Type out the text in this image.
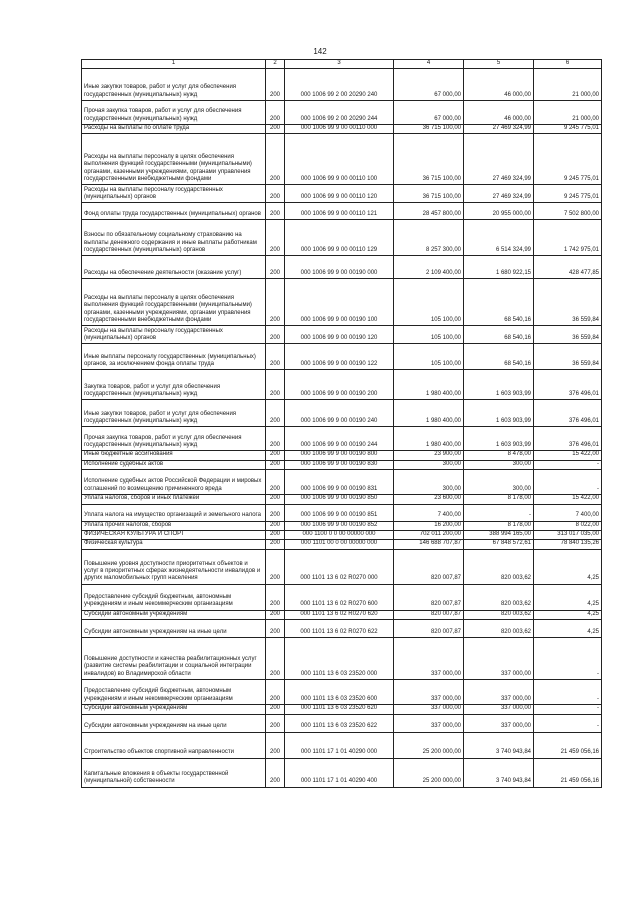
142
1	2	3	4	5	6
Иные закупки товаров, работ и услуг для обеспечения государственных (муниципальных) нужд	200	000 1006 99 2 00 20290 240	67 000,00	46 000,00	21 000,00
Прочая закупка товаров, работ и услуг для обеспечения государственных (муниципальных) нужд	200	000 1006 99 2 00 20290 244	67 000,00	46 000,00	21 000,00
Расходы на выплаты по оплате труда	200	000 1006 99 9 00 00110 000	36 715 100,00	27 469 324,99	9 245 775,01
Расходы на выплаты персоналу в целях обеспечения выполнения функций государственными (муниципальными) органами, казенными учреждениями, органами управления государственными внебюджетными фондами	200	000 1006 99 9 00 00110 100	36 715 100,00	27 469 324,99	9 245 775,01
Расходы на выплаты персоналу государственных (муниципальных) органов	200	000 1006 99 9 00 00110 120	36 715 100,00	27 469 324,99	9 245 775,01
Фонд оплаты труда государственных (муниципальных) органов	200	000 1006 99 9 00 00110 121	28 457 800,00	20 955 000,00	7 502 800,00
Взносы по обязательному социальному страхованию на выплаты денежного содержания и иные выплаты работникам государственных (муниципальных) органов	200	000 1006 99 9 00 00110 129	8 257 300,00	6 514 324,99	1 742 975,01
Расходы на обеспечение деятельности (оказание услуг)	200	000 1006 99 9 00 00190 000	2 109 400,00	1 680 922,15	428 477,85
Расходы на выплаты персоналу в целях обеспечения выполнения функций государственными (муниципальными) органами, казенными учреждениями, органами управления государственными внебюджетными фондами	200	000 1006 99 9 00 00190 100	105 100,00	68 540,16	36 559,84
Расходы на выплаты персоналу государственных (муниципальных) органов	200	000 1006 99 9 00 00190 120	105 100,00	68 540,16	36 559,84
Иные выплаты персоналу государственных (муниципальных) органов, за исключением фонда оплаты труда	200	000 1006 99 9 00 00190 122	105 100,00	68 540,16	36 559,84
Закупка товаров, работ и услуг для обеспечения государственных (муниципальных) нужд	200	000 1006 99 9 00 00190 200	1 980 400,00	1 603 903,99	376 496,01
Иные закупки товаров, работ и услуг для обеспечения государственных (муниципальных) нужд	200	000 1006 99 9 00 00190 240	1 980 400,00	1 603 903,99	376 496,01
Прочая закупка товаров, работ и услуг для обеспечения государственных (муниципальных) нужд	200	000 1006 99 9 00 00190 244	1 980 400,00	1 603 903,99	376 496,01
Иные бюджетные ассигнования	200	000 1006 99 9 00 00190 800	23 900,00	8 478,00	15 422,00
Исполнение судебных актов	200	000 1006 99 9 00 00190 830	300,00	300,00	-
Исполнение судебных актов Российской Федерации и мировых соглашений по возмещению причиненного вреда	200	000 1006 99 9 00 00190 831	300,00	300,00	-
Уплата налогов, сборов и иных платежей	200	000 1006 99 9 00 00190 850	23 600,00	8 178,00	15 422,00
Уплата налога на имущество организаций и земельного налога	200	000 1006 99 9 00 00190 851	7 400,00	-	7 400,00
Уплата прочих налогов, сборов	200	000 1006 99 9 00 00190 852	16 200,00	8 178,00	8 022,00
ФИЗИЧЕСКАЯ КУЛЬТУРА И СПОРТ	200	000 1100 0 0 00 00000 000	702 011 200,00	388 994 165,00	313 017 035,00
Физическая культура	200	000 1101 00 0 00 00000 000	146 688 707,87	67 848 572,61	78 840 135,26
Повышение уровня доступности приоритетных объектов и услуг в приоритетных сферах жизнедеятельности инвалидов и других маломобильных групп населения	200	000 1101 13 6 02 R0270 000	820 007,87	820 003,62	4,25
Предоставление субсидий бюджетным, автономным учреждениям и иным некоммерческим организациям	200	000 1101 13 6 02 R0270 600	820 007,87	820 003,62	4,25
Субсидии автономным учреждениям	200	000 1101 13 6 02 R0270 620	820 007,87	820 003,62	4,25
Субсидии автономным учреждениям на иные цели	200	000 1101 13 6 02 R0270 622	820 007,87	820 003,62	4,25
Повышение доступности и качества реабилитационных услуг (развитие системы реабилитации и социальной интеграции инвалидов) во Владимирской области	200	000 1101 13 6 03 23520 000	337 000,00	337 000,00	-
Предоставление субсидий бюджетным, автономным учреждениям и иным некоммерческим организациям	200	000 1101 13 6 03 23520 600	337 000,00	337 000,00	-
Субсидии автономным учреждениям	200	000 1101 13 6 03 23520 620	337 000,00	337 000,00	-
Субсидии автономным учреждениям на иные цели	200	000 1101 13 6 03 23520 622	337 000,00	337 000,00	-
Строительство объектов спортивной направленности	200	000 1101 17 1 01 40290 000	25 200 000,00	3 740 943,84	21 459 056,16
Капитальные вложения в объекты государственной (муниципальной) собственности	200	000 1101 17 1 01 40290 400	25 200 000,00	3 740 943,84	21 459 056,16
